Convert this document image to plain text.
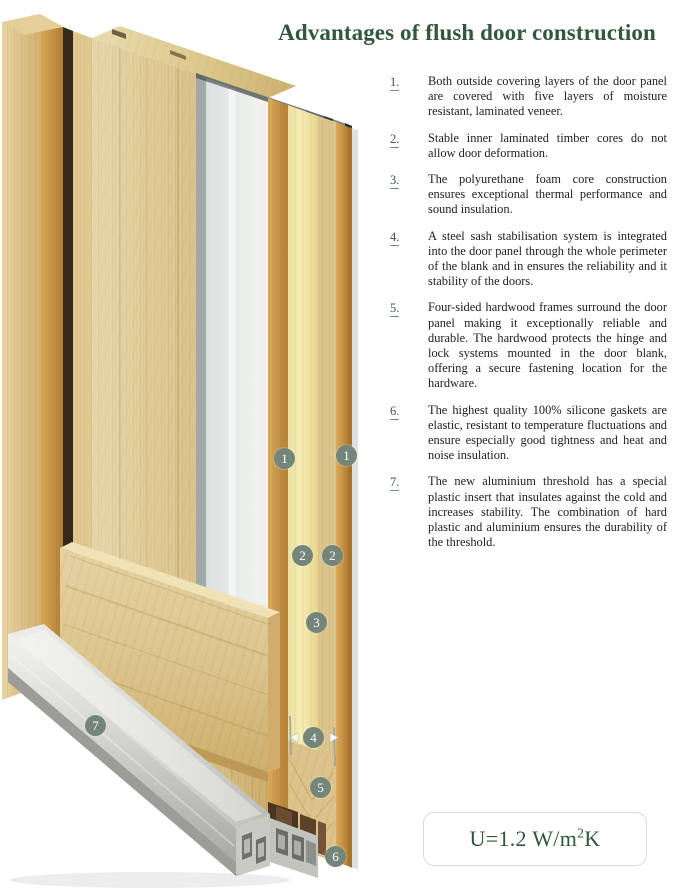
1	1
2	2
3
4
5
6
7
Advantages of flush door construction
1.	Both outside covering layers of the door panel are covered with five layers of moisture resistant, laminated veneer.
2.	Stable inner laminated timber cores do not allow door deformation.
3.	The polyurethane foam core construction ensures exceptional thermal performance and sound insulation.
4.	A steel sash stabilisation system is integrated into the door panel through the whole perimeter of the blank and in ensures the reliability and it stability of the doors.
5.	Four-sided hardwood frames surround the door panel making it exceptionally reliable and durable. The hardwood protects the hinge and lock systems mounted in the door blank, offering a secure fastening location for the hardware.
6.	The highest quality 100% silicone gaskets are elastic, resistant to temperature fluctuations and ensure especially good tightness and heat and noise insulation.
7.	The new aluminium threshold has a special plastic insert that insulates against the cold and increases stability. The combination of hard plastic and aluminium ensures the durability of the threshold.
U=1.2 $W/m^2K$
